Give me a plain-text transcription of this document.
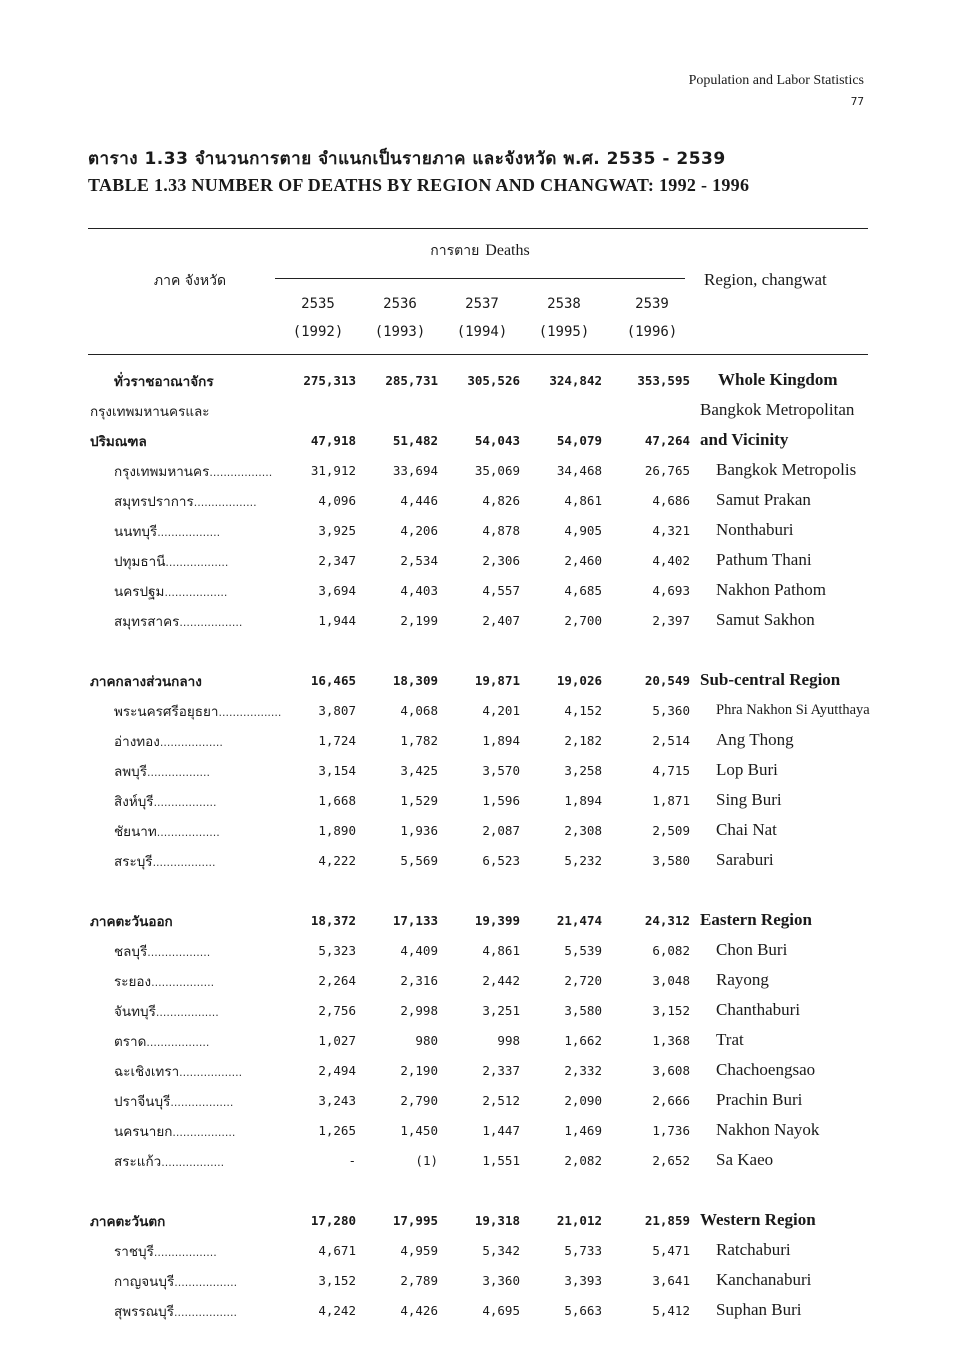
Population and Labor Statistics
77
ตาราง 1.33 จำนวนการตาย จำแนกเป็นรายภาค และจังหวัด พ.ศ. 2535 - 2539
TABLE 1.33 NUMBER OF DEATHS BY REGION AND CHANGWAT: 1992 - 1996
การตาย Deaths
ภาค จังหวัด	Region, changwat
2535
(1992)
2536
(1993)
2537
(1994)
2538
(1995)
2539
(1996)
ทั่วราชอาณาจักร	275,313	285,731	305,526	324,842	353,595 Whole Kingdom
กรุงเทพมหานครและ	Bangkok Metropolitan
ปริมณฑล	47,918	51,482	54,043	54,079	47,264 and Vicinity
กรุงเทพมหานคร .....	31,912	33,694	35,069	34,468	26,765 Bangkok Metropolis
สมุทรปราการ .....	4,096	4,446	4,826	4,861	4,686 Samut Prakan
นนทบุรี .....	3,925	4,206	4,878	4,905	4,321 Nonthaburi
ปทุมธานี .....	2,347	2,534	2,306	2,460	4,402 Pathum Thani
นครปฐม .....	3,694	4,403	4,557	4,685	4,693 Nakhon Pathom
สมุทรสาคร .....	1,944	2,199	2,407	2,700	2,397 Samut Sakhon
ภาคกลางส่วนกลาง	16,465	18,309	19,871	19,026	20,549 Sub-central Region
พระนครศรีอยุธยา .....	3,807	4,068	4,201	4,152	5,360 Phra Nakhon Si Ayutthaya
อ่างทอง .....	1,724	1,782	1,894	2,182	2,514 Ang Thong
ลพบุรี .....	3,154	3,425	3,570	3,258	4,715 Lop Buri
สิงห์บุรี .....	1,668	1,529	1,596	1,894	1,871 Sing Buri
ชัยนาท .....	1,890	1,936	2,087	2,308	2,509 Chai Nat
สระบุรี .....	4,222	5,569	6,523	5,232	3,580 Saraburi
ภาคตะวันออก	18,372	17,133	19,399	21,474	24,312 Eastern Region
ชลบุรี .....	5,323	4,409	4,861	5,539	6,082 Chon Buri
ระยอง .....	2,264	2,316	2,442	2,720	3,048 Rayong
จันทบุรี .....	2,756	2,998	3,251	3,580	3,152 Chanthaburi
ตราด .....	1,027	980	998	1,662	1,368 Trat
ฉะเชิงเทรา .....	2,494	2,190	2,337	2,332	3,608 Chachoengsao
ปราจีนบุรี .....	3,243	2,790	2,512	2,090	2,666 Prachin Buri
นครนายก .....	1,265	1,450	1,447	1,469	1,736 Nakhon Nayok
สระแก้ว .....	-	(1)	1,551	2,082	2,652 Sa Kaeo
ภาคตะวันตก	17,280	17,995	19,318	21,012	21,859 Western Region
ราชบุรี .....	4,671	4,959	5,342	5,733	5,471 Ratchaburi
กาญจนบุรี .....	3,152	2,789	3,360	3,393	3,641 Kanchanaburi
สุพรรณบุรี .....	4,242	4,426	4,695	5,663	5,412 Suphan Buri
